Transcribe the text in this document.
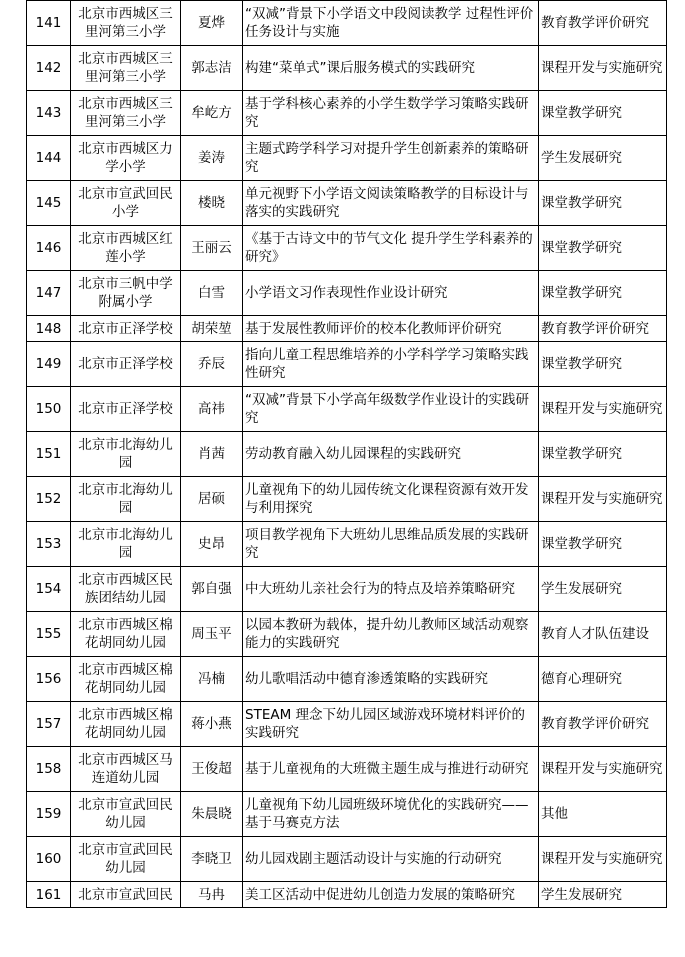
141	北京市西城区三里河第三小学	夏烨	“双减”背景下小学语文中段阅读教学 过程性评价任务设计与实施	教育教学评价研究
142	北京市西城区三里河第三小学	郭志洁	构建“菜单式”课后服务模式的实践研究	课程开发与实施研究
143	北京市西城区三里河第三小学	牟屹方	基于学科核心素养的小学生数学学习策略实践研究	课堂教学研究
144	北京市西城区力学小学	姜涛	主题式跨学科学习对提升学生创新素养的策略研究	学生发展研究
145	北京市宣武回民小学	楼晓	单元视野下小学语文阅读策略教学的目标设计与落实的实践研究	课堂教学研究
146	北京市西城区红莲小学	王丽云	《基于古诗文中的节气文化 提升学生学科素养的研究》	课堂教学研究
147	北京市三帆中学附属小学	白雪	小学语文习作表现性作业设计研究	课堂教学研究
148	北京市正泽学校	胡荣堃	基于发展性教师评价的校本化教师评价研究	教育教学评价研究
149	北京市正泽学校	乔辰	指向儿童工程思维培养的小学科学学习策略实践性研究	课堂教学研究
150	北京市正泽学校	高祎	“双减”背景下小学高年级数学作业设计的实践研究	课程开发与实施研究
151	北京市北海幼儿园	肖茜	劳动教育融入幼儿园课程的实践研究	课堂教学研究
152	北京市北海幼儿园	居硕	儿童视角下的幼儿园传统文化课程资源有效开发与利用探究	课程开发与实施研究
153	北京市北海幼儿园	史昂	项目教学视角下大班幼儿思维品质发展的实践研究	课堂教学研究
154	北京市西城区民族团结幼儿园	郭自强	中大班幼儿亲社会行为的特点及培养策略研究	学生发展研究
155	北京市西城区棉花胡同幼儿园	周玉平	以园本教研为载体，提升幼儿教师区域活动观察能力的实践研究	教育人才队伍建设
156	北京市西城区棉花胡同幼儿园	冯楠	幼儿歌唱活动中德育渗透策略的实践研究	德育心理研究
157	北京市西城区棉花胡同幼儿园	蒋小燕	STEAM 理念下幼儿园区域游戏环境材料评价的实践研究	教育教学评价研究
158	北京市西城区马连道幼儿园	王俊超	基于儿童视角的大班微主题生成与推进行动研究	课程开发与实施研究
159	北京市宣武回民幼儿园	朱晨晓	儿童视角下幼儿园班级环境优化的实践研究——基于马赛克方法	其他
160	北京市宣武回民幼儿园	李晓卫	幼儿园戏剧主题活动设计与实施的行动研究	课程开发与实施研究
161	北京市宣武回民	马冉	美工区活动中促进幼儿创造力发展的策略研究	学生发展研究
